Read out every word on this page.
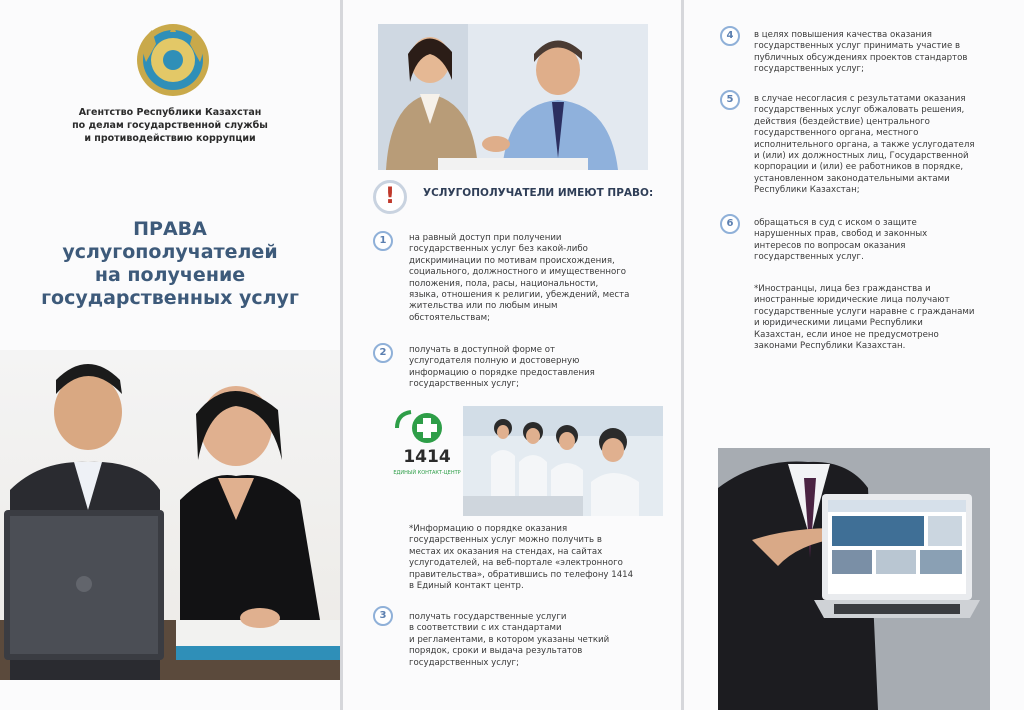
Агентство Республики Казахстан
по делам государственной службы
и противодействию коррупции
ПРАВА
услугополучателей
на получение
государственных услуг
!	УСЛУГОПОЛУЧАТЕЛИ ИМЕЮТ ПРАВО:
1	на равный доступ при получении
государственных услуг без какой-либо
дискриминации по мотивам происхождения,
социального, должностного и имущественного
положения, пола, расы, национальности,
языка, отношения к религии, убеждений, места
жительства или по любым иным
обстоятельствам;
2	получать в доступной форме от
услугодателя полную и достоверную
информацию о порядке предоставления
государственных услуг;
1414
ЕДИНЫЙ КОНТАКТ-ЦЕНТР
*Информацию о порядке оказания
государственных услуг можно получить в
местах их оказания на стендах, на сайтах
услугодателей, на веб-портале «электронного
правительства», обратившись по телефону 1414
в Единый контакт центр.
3	получать государственные услуги
в соответствии с их стандартами
и регламентами, в котором указаны четкий
порядок, сроки и выдача результатов
государственных услуг;
4	в целях повышения качества оказания
государственных услуг принимать участие в
публичных обсуждениях проектов стандартов
государственных услуг;
5	в случае несогласия с результатами оказания
государственных услуг обжаловать решения,
действия (бездействие) центрального
государственного органа, местного
исполнительного органа, а также услугодателя
и (или) их должностных лиц, Государственной
корпорации и (или) ее работников в порядке,
установленном законодательными актами
Республики Казахстан;
6	обращаться в суд с иском о защите
нарушенных прав, свобод и законных
интересов по вопросам оказания
государственных услуг.
*Иностранцы, лица без гражданства и
иностранные юридические лица получают
государственные услуги наравне с гражданами
и юридическими лицами Республики
Казахстан, если иное не предусмотрено
законами Республики Казахстан.
